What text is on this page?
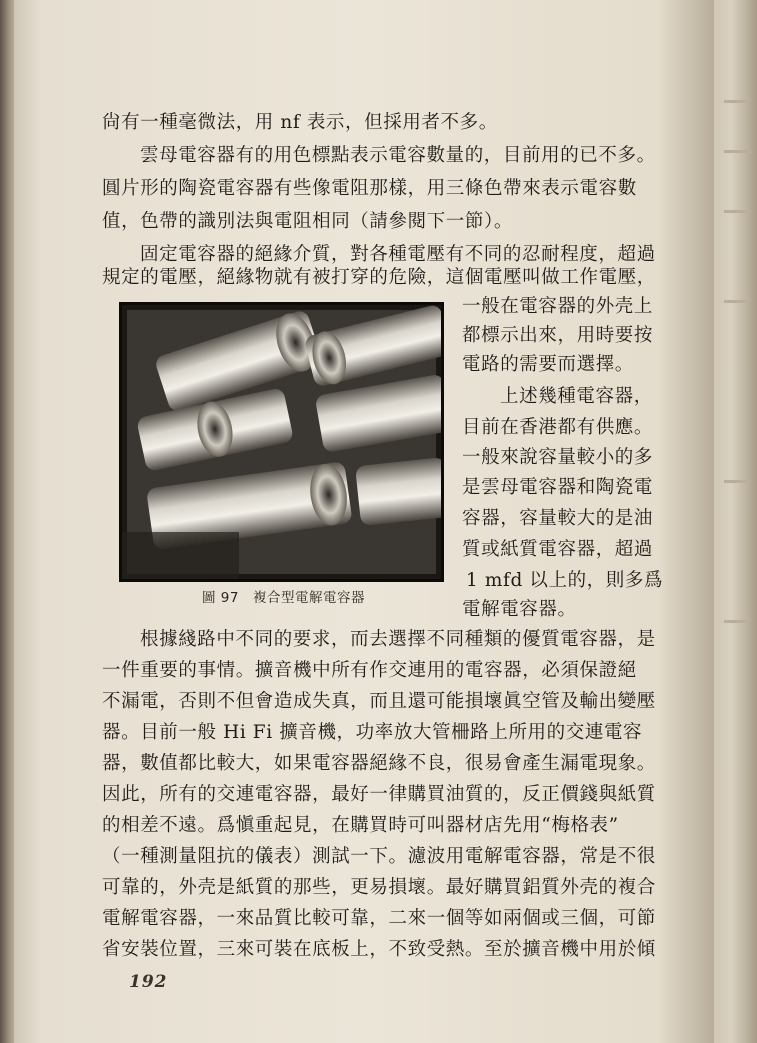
尙有一種毫微法，用 nf 表示，但採用者不多。
雲母電容器有的用色標點表示電容數量的，目前用的已不多。
圓片形的陶瓷電容器有些像電阻那樣，用三條色帶來表示電容數
值，色帶的識別法與電阻相同（請參閱下一節）。
固定電容器的絕緣介質，對各種電壓有不同的忍耐程度，超過
規定的電壓，絕緣物就有被打穿的危險，這個電壓叫做工作電壓，
一般在電容器的外壳上
都標示出來，用時要按
電路的需要而選擇。
上述幾種電容器，
目前在香港都有供應。
一般來說容量較小的多
是雲母電容器和陶瓷電
容器，容量較大的是油
質或紙質電容器，超過
1 mfd 以上的，則多爲
電解電容器。
圖 97　複合型電解電容器
根據綫路中不同的要求，而去選擇不同種類的優質電容器，是
一件重要的事情。擴音機中所有作交連用的電容器，必須保證絕
不漏電，否則不但會造成失真，而且還可能損壞眞空管及輸出變壓
器。目前一般 Hi Fi 擴音機，功率放大管柵路上所用的交連電容
器，數值都比較大，如果電容器絕緣不良，很易會產生漏電現象。
因此，所有的交連電容器，最好一律購買油質的，反正價錢與紙質
的相差不遠。爲愼重起見，在購買時可叫器材店先用“梅格表”
（一種測量阻抗的儀表）測試一下。濾波用電解電容器，常是不很
可靠的，外壳是紙質的那些，更易損壞。最好購買鋁質外壳的複合
電解電容器，一來品質比較可靠，二來一個等如兩個或三個，可節
省安裝位置，三來可裝在底板上，不致受熱。至於擴音機中用於傾
192
